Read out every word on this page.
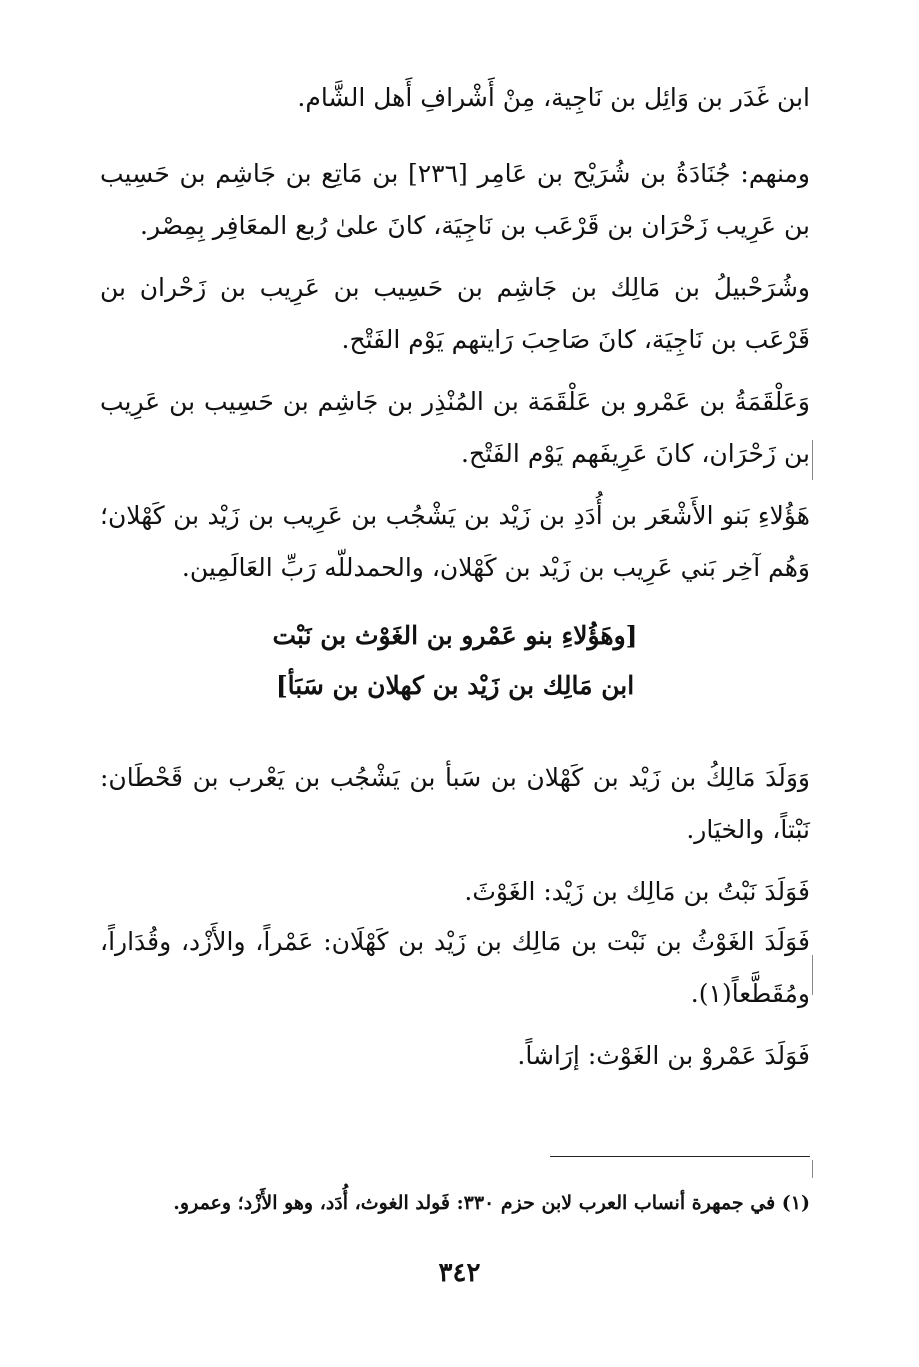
ابن غَدَر بن وَائِل بن نَاجِية، مِنْ أَشْرافِ أَهل الشَّام.
ومنهم: جُنَادَةُ بن شُرَيْح بن عَامِر [٢٣٦] بن مَاتِع بن جَاشِم بن حَسِيب بن عَرِيب زَحْرَان بن قَرْعَب بن نَاجِيَة، كانَ علىٰ رُبع المعَافِر بِمِصْر.
وشُرَحْبيلُ بن مَالِك بن جَاشِم بن حَسِيب بن عَرِيب بن زَحْران بن قَرْعَب بن نَاجِيَة، كانَ صَاحِبَ رَايتهم يَوْم الفَتْح.
وَعَلْقَمَةُ بن عَمْرو بن عَلْقَمَة بن المُنْذِر بن جَاشِم بن حَسِيب بن عَرِيب بن زَحْرَان، كانَ عَرِيفَهم يَوْم الفَتْح.
هَؤُلاءِ بَنو الأَشْعَر بن أُدَدِ بن زَيْد بن يَشْجُب بن عَرِيب بن زَيْد بن كَهْلان؛ وَهُم آخِر بَني عَرِيب بن زَيْد بن كَهْلان، والحمدللّه رَبِّ العَالَمِين.
[وهَؤُلاءِ بنو عَمْرو بن الغَوْث بن نَبْت
ابن مَالِك بن زَيْد بن كهلان بن سَبَأ]
وَوَلَدَ مَالِكُ بن زَيْد بن كَهْلان بن سَبأ بن يَشْجُب بن يَعْرب بن قَحْطَان: نَبْتاً، والخيَار.
فَوَلَدَ نَبْتُ بن مَالِك بن زَيْد: الغَوْثَ.
فَوَلَدَ الغَوْثُ بن نَبْت بن مَالِك بن زَيْد بن كَهْلَان: عَمْراً، والأَزْد، وقُدَاراً، ومُقَطَّعاً(١).
فَوَلَدَ عَمْروْ بن الغَوْث: إرَاشاً.
(١) في جمهرة أنساب العرب لابن حزم ٣٣٠: فَولد الغوث، أُدَد، وهو الأَزْد؛ وعمرو.
٣٤٢
